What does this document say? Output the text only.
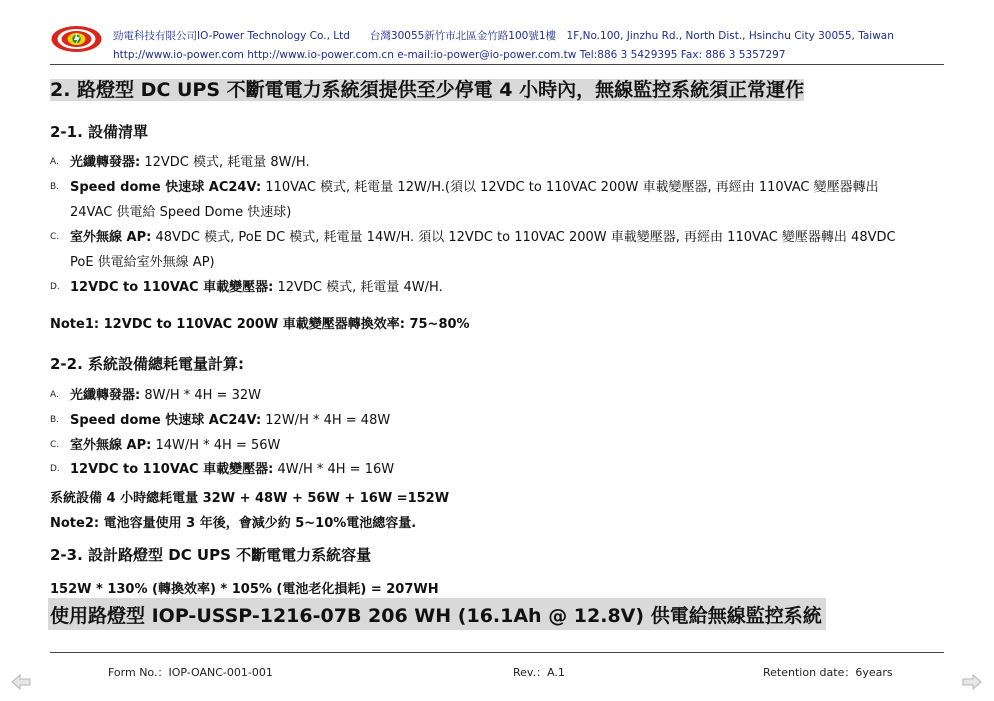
勁電科技有限公司IO-Power Technology Co., Ltd 台灣30055新竹市北區金竹路100號1樓　1F,No.100, Jinzhu Rd., North Dist., Hsinchu City 30055, Taiwan
http://www.io-power.com http://www.io-power.com.cn e-mail:io-power@io-power.com.tw Tel:886 3 5429395 Fax: 886 3 5357297
2. 路燈型 DC UPS 不斷電電力系統須提供至少停電 4 小時內，無線監控系統須正常運作
2-1. 設備清單
A. 光纖轉發器: 12VDC 模式, 耗電量 8W/H.
B. Speed dome 快速球 AC24V: 110VAC 模式, 耗電量 12W/H.(須以 12VDC to 110VAC 200W 車載變壓器, 再經由 110VAC 變壓器轉出
24VAC 供電給 Speed Dome 快速球)
C. 室外無線 AP: 48VDC 模式, PoE DC 模式, 耗電量 14W/H. 須以 12VDC to 110VAC 200W 車載變壓器, 再經由 110VAC 變壓器轉出 48VDC
PoE 供電給室外無線 AP)
D. 12VDC to 110VAC 車載變壓器: 12VDC 模式, 耗電量 4W/H.
Note1: 12VDC to 110VAC 200W 車載變壓器轉換效率: 75~80%
2-2. 系統設備總耗電量計算:
A. 光纖轉發器: 8W/H * 4H = 32W
B. Speed dome 快速球 AC24V: 12W/H * 4H = 48W
C. 室外無線 AP: 14W/H * 4H = 56W
D. 12VDC to 110VAC 車載變壓器: 4W/H * 4H = 16W
系統設備 4 小時總耗電量 32W + 48W + 56W + 16W =152W
Note2: 電池容量使用 3 年後，會減少約 5~10%電池總容量.
2-3. 設計路燈型 DC UPS 不斷電電力系統容量
152W * 130% (轉換效率) * 105% (電池老化損耗) = 207WH
使用路燈型 IOP-USSP-1216-07B 206 WH (16.1Ah @ 12.8V) 供電給無線監控系統
Form No.：IOP-OANC-001-001	Rev.：A.1	Retention date：6years
